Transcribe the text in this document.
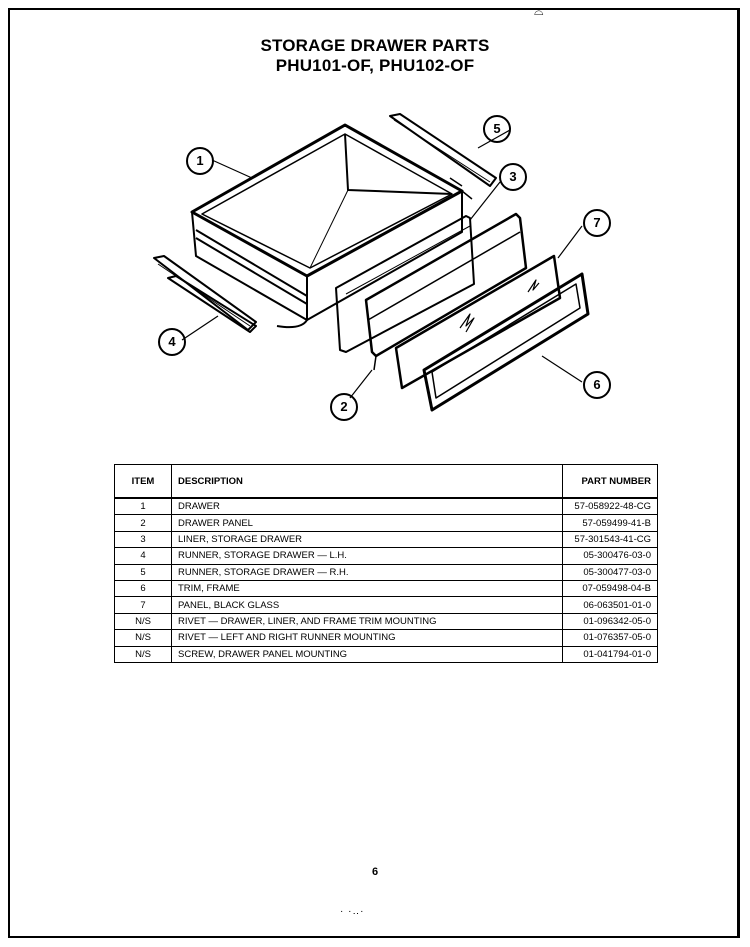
⌓
STORAGE DRAWER PARTS
PHU101-OF, PHU102-OF
1
5
3
7
4
6
2
ITEM	DESCRIPTION	PART NUMBER
1	DRAWER	57-058922-48-CG
2	DRAWER PANEL	57-059499-41-B
3	LINER, STORAGE DRAWER	57-301543-41-CG
4	RUNNER, STORAGE DRAWER — L.H.	05-300476-03-0
5	RUNNER, STORAGE DRAWER — R.H.	05-300477-03-0
6	TRIM, FRAME	07-059498-04-B
7	PANEL, BLACK GLASS	06-063501-01-0
N/S	RIVET — DRAWER, LINER, AND FRAME TRIM MOUNTING	01-096342-05-0
N/S	RIVET — LEFT AND RIGHT RUNNER MOUNTING	01-076357-05-0
N/S	SCREW, DRAWER PANEL MOUNTING	01-041794-01-0
6
· ·‥·
